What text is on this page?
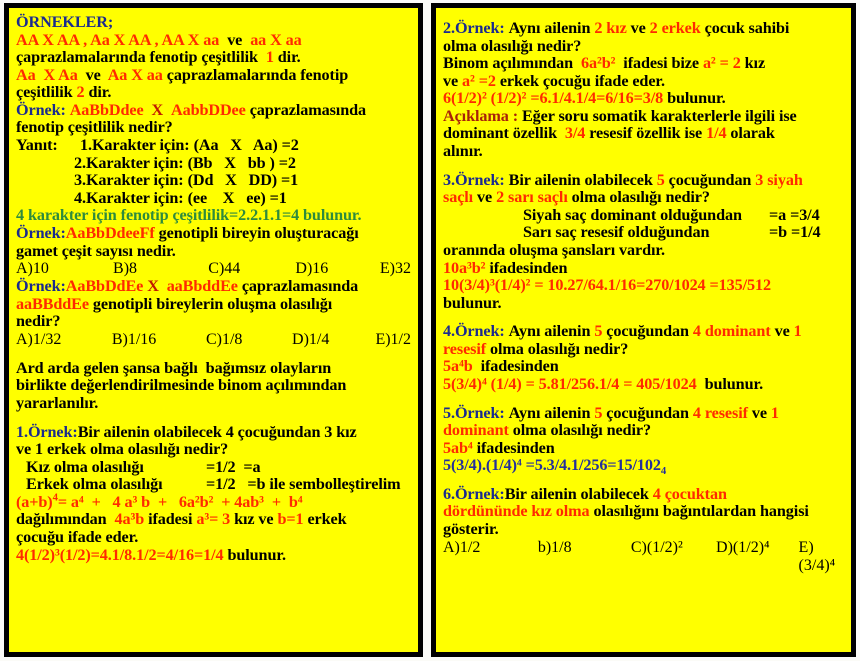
ÖRNEKLER;

AA X AA , Aa X AA , AA X aa ve aa X aa

çaprazlamalarında fenotip çeşitlilik 1 dir.

Aa  X Aa ve Aa X aa çaprazlamalarında fenotip

çeşitlilik 2 dir.

Örnek: AaBbDdee X AabbDDee çaprazlamasında

fenotip çeşitlilik nedir?

Yanıt:	1.Karakter için:

(Aa   X   Aa) =2

2.Karakter için:

(Bb   X   bb ) =2

3.Karakter için:

(Dd   X   DD) =1

4.Karakter için:

(ee    X   ee) =1

4 karakter için fenotip çeşitlilik=2.2.1.1=4 bulunur.

Örnek:AaBbDdeeFf genotipli bireyin oluşturacağı

gamet çeşit sayısı nedir.

A)10	B)8	C)44	D)16	E)32

Örnek:AaBbDdEe X aaBbddEe çaprazlamasında

aaBBddEe genotipli bireylerin oluşma olasılığı

nedir?

A)1/32	B)1/16	C)1/8	D)1/4	E)1/2

Ard arda gelen şansa bağlı  bağımsız olayların

birlikte değerlendirilmesinde binom açılımından

yararlanılır.

1.Örnek:Bir ailenin olabilecek 4 çocuğundan 3 kız

ve 1 erkek olma olasılığı nedir?

Kız olma olasılığı	=1/2  =a

Erkek olma olasılığı	=1/2   =b

ile sembolleştirelim

$(a+b)^4= a^4 + 4$ a³ b  +   6a²b²  + 4ab³  +  b⁴

dağılımından 4a³b ifadesi a³= 3 kız ve b=1 erkek

çocuğu ifade eder.

4(1/2)³(1/2)=4.1/8.1/2=4/16=1/4 bulunur.

2.Örnek: Aynı ailenin 2 kız ve 2 erkek çocuk sahibi

olma olasılığı nedir?

Binom açılımından 6a²b² ifadesi bize a² = 2 kız

ve a² =2 erkek çocuğu ifade eder.

6(1/2)² (1/2)² =6.1/4.1/4=6/16=3/8 bulunur.

Açıklama : Eğer soru somatik karakterlerle ilgili ise

dominant özellik 3/4 resesif özellik ise 1/4 olarak

alınır.

3.Örnek: Bir ailenin olabilecek 5 çocuğundan 3 siyah

saçlı ve 2 sarı saçlı olma olasılığı nedir?

Siyah saç dominant olduğundan	=a =3/4

Sarı saç resesif olduğundan	=b =1/4

oranında oluşma şansları vardır.

10a³b² ifadesinden

10(3/4)³(1/4)² = 10.27/64.1/16=270/1024 =135/512

bulunur.

4.Örnek: Aynı ailenin 5 çocuğundan 4 dominant ve 1

resesif olma olasılığı nedir?

5a⁴b ifadesinden

5(3/4)⁴ (1/4) = 5.81/256.1/4 = 405/1024 bulunur.

5.Örnek: Aynı ailenin 5 çocuğundan 4 resesif ve 1

dominant olma olasılığı nedir?

5ab⁴ ifadesinden

$5(3/4).(1/4)^4 =5.3/4.1/256=15/102_4$

6.Örnek:Bir ailenin olabilecek 4 çocuktan

dördününde kız olma olasılığını bağıntılardan hangisi

gösterir.

A)1/2	b)1/8	C)(1/2)²	D)(1/2)⁴	E)(3/4)⁴
